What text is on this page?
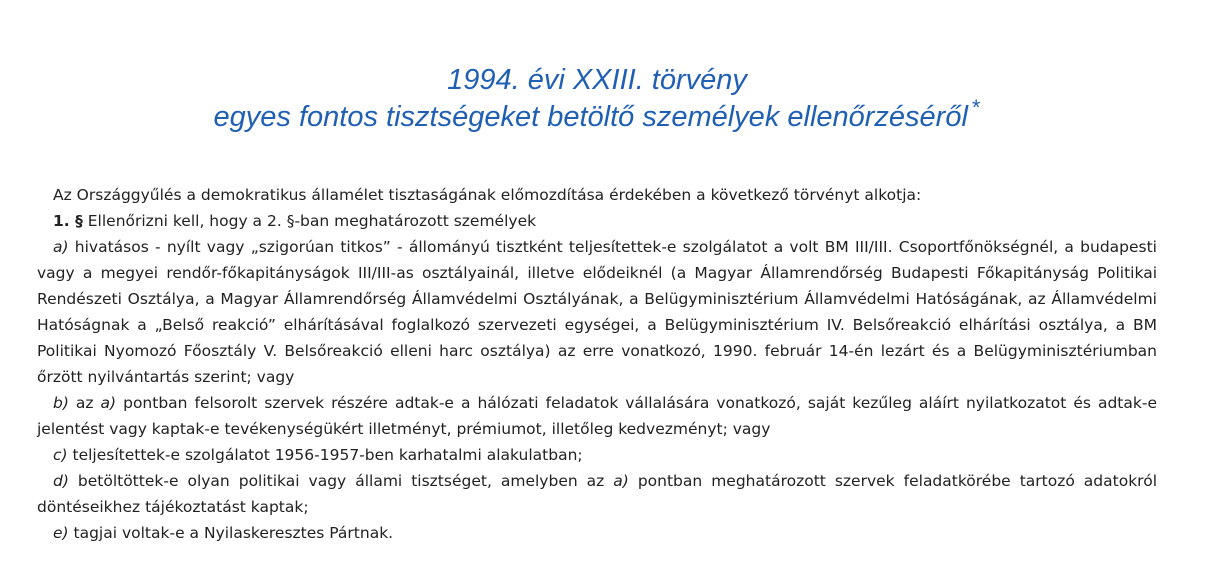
1994. évi XXIII. törvény
egyes fontos tisztségeket betöltő személyek ellenőrzéséről *

Az Országgyűlés a demokratikus államélet tisztaságának előmozdítása érdekében a következő törvényt alkotja:

1. § Ellenőrizni kell, hogy a 2. §-ban meghatározott személyek

a) hivatásos - nyílt vagy „szigorúan titkos” - állományú tisztként teljesítettek-e szolgálatot a volt BM III/III. Csoportfőnökségnél, a budapesti vagy a megyei rendőr-főkapitányságok III/III-as osztályainál, illetve elődeiknél (a Magyar Államrendőrség Budapesti Főkapitányság Politikai Rendészeti Osztálya, a Magyar Államrendőrség Államvédelmi Osztályának, a Belügyminisztérium Államvédelmi Hatóságának, az Államvédelmi Hatóságnak a „Belső reakció” elhárításával foglalkozó szervezeti egységei, a Belügyminisztérium IV. Belsőreakció elhárítási osztálya, a BM Politikai Nyomozó Főosztály V. Belsőreakció elleni harc osztálya) az erre vonatkozó, 1990. február 14-én lezárt és a Belügyminisztériumban őrzött nyilvántartás szerint; vagy

b) az a) pontban felsorolt szervek részére adtak-e a hálózati feladatok vállalására vonatkozó, saját kezűleg aláírt nyilatkozatot és adtak-e jelentést vagy kaptak-e tevékenységükért illetményt, prémiumot, illetőleg kedvezményt; vagy

c) teljesítettek-e szolgálatot 1956-1957-ben karhatalmi alakulatban;

d) betöltöttek-e olyan politikai vagy állami tisztséget, amelyben az a) pontban meghatározott szervek feladatkörébe tartozó adatokról döntéseikhez tájékoztatást kaptak;

e) tagjai voltak-e a Nyilaskeresztes Pártnak.
